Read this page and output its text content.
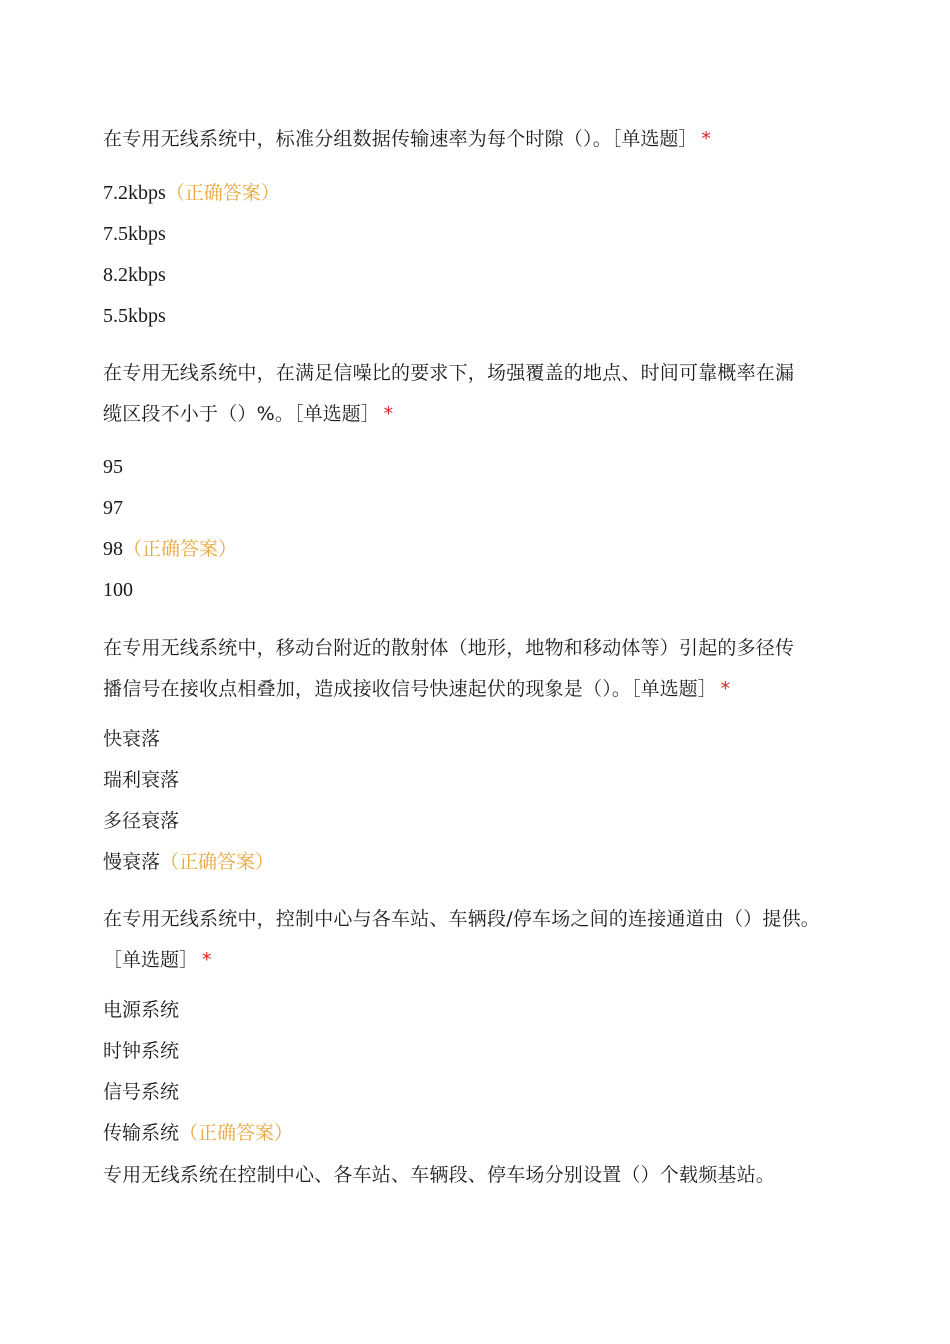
在专用无线系统中，标准分组数据传输速率为每个时隙（）。［单选题］ *

7.2kbps（正确答案）

7.5kbps

8.2kbps

5.5kbps

在专用无线系统中，在满足信噪比的要求下，场强覆盖的地点、时间可靠概率在漏

缆区段不小于（）%。［单选题］ *

95

97

98（正确答案）

100

在专用无线系统中，移动台附近的散射体（地形，地物和移动体等）引起的多径传

播信号在接收点相叠加，造成接收信号快速起伏的现象是（）。［单选题］ *

快衰落

瑞利衰落

多径衰落

慢衰落（正确答案）

在专用无线系统中，控制中心与各车站、车辆段/停车场之间的连接通道由（）提供。

［单选题］ *

电源系统

时钟系统

信号系统

传输系统（正确答案）

专用无线系统在控制中心、各车站、车辆段、停车场分别设置（）个载频基站。
